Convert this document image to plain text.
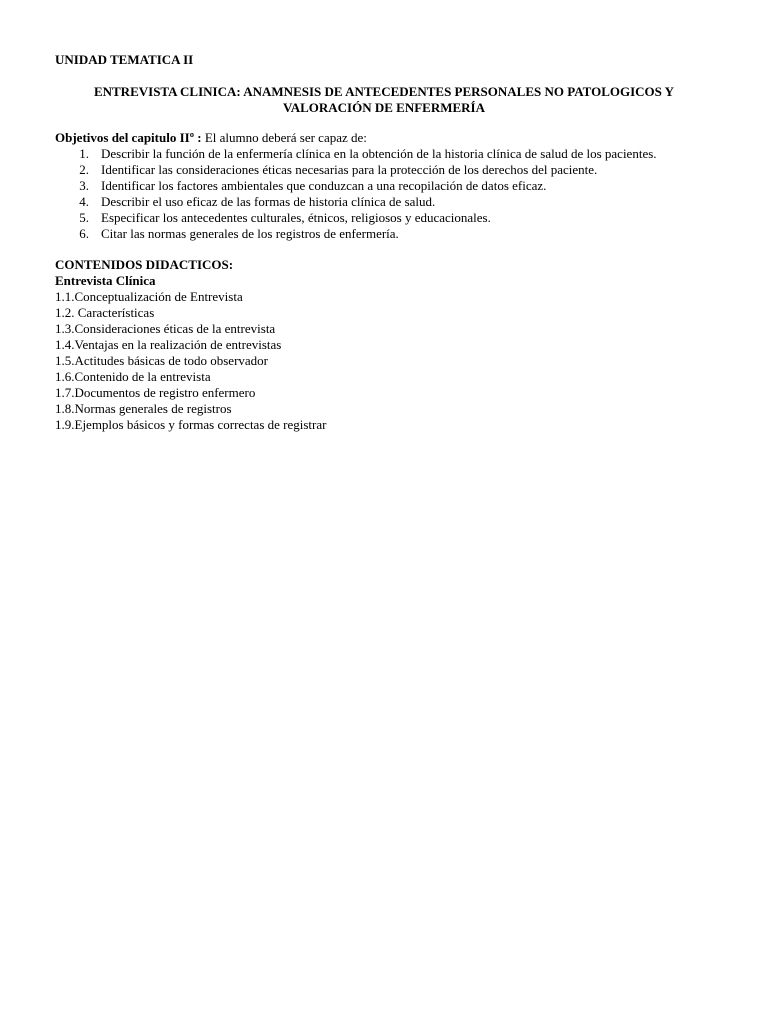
UNIDAD TEMATICA II
ENTREVISTA CLINICA: ANAMNESIS DE ANTECEDENTES PERSONALES NO PATOLOGICOS Y
VALORACIÓN DE ENFERMERÍA
Objetivos del capitulo IIº : El alumno deberá ser capaz de:
1. Describir la función de la enfermería clínica en la obtención de la historia clínica de salud de los pacientes.
2. Identificar las consideraciones éticas necesarias para la protección de los derechos del paciente.
3. Identificar los factores ambientales que conduzcan a una recopilación de datos eficaz.
4. Describir el uso eficaz de las formas de historia clínica de salud.
5. Especificar los antecedentes culturales, étnicos, religiosos y educacionales.
6. Citar las normas generales de los registros de enfermería.
CONTENIDOS DIDACTICOS:
Entrevista Clínica
1.1.Conceptualización de Entrevista
1.2. Características
1.3.Consideraciones éticas de la entrevista
1.4.Ventajas en la realización de entrevistas
1.5.Actitudes básicas de todo observador
1.6.Contenido de la entrevista
1.7.Documentos de registro enfermero
1.8.Normas generales de registros
1.9.Ejemplos básicos y formas correctas de registrar
